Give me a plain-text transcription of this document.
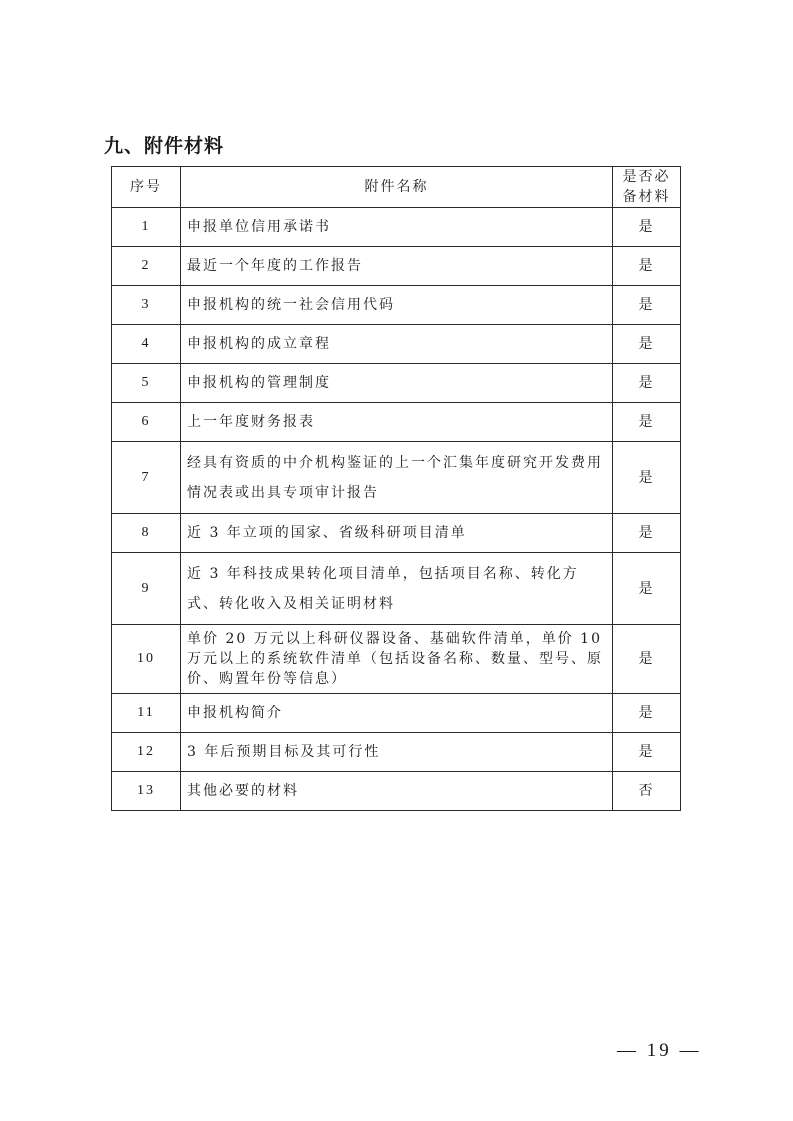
九、附件材料
序号	附件名称	是否必
备材料
1	申报单位信用承诺书	是
2	最近一个年度的工作报告	是
3	申报机构的统一社会信用代码	是
4	申报机构的成立章程	是
5	申报机构的管理制度	是
6	上一年度财务报表	是
7	经具有资质的中介机构鉴证的上一个汇集年度研究开发费用情况表或出具专项审计报告	是
8	近 3 年立项的国家、省级科研项目清单	是
9	近 3 年科技成果转化项目清单，包括项目名称、转化方式、转化收入及相关证明材料	是
10	单价 20 万元以上科研仪器设备、基础软件清单，单价 10 万元以上的系统软件清单（包括设备名称、数量、型号、原价、购置年份等信息）	是
11	申报机构简介	是
12	3 年后预期目标及其可行性	是
13	其他必要的材料	否
— 19 —
